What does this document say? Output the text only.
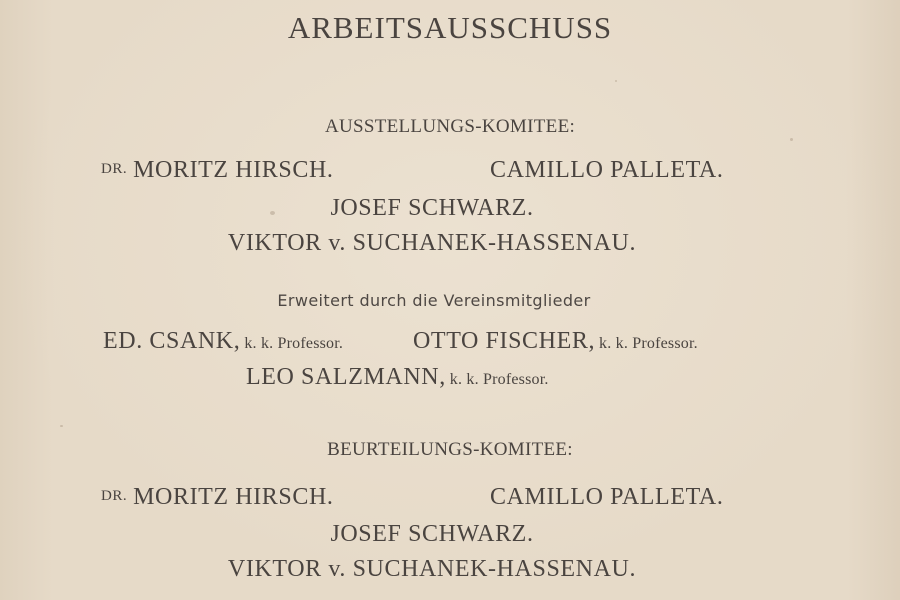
ARBEITSAUSSCHUSS
AUSSTELLUNGS-KOMITEE:
DR. MORITZ HIRSCH.	CAMILLO PALLETA.
JOSEF SCHWARZ.
VIKTOR v. SUCHANEK-HASSENAU.
Erweitert durch die Vereinsmitglieder
ED. CSANK, k. k. Professor.	OTTO FISCHER, k. k. Professor.
LEO SALZMANN, k. k. Professor.
BEURTEILUNGS-KOMITEE:
DR. MORITZ HIRSCH.	CAMILLO PALLETA.
JOSEF SCHWARZ.
VIKTOR v. SUCHANEK-HASSENAU.
